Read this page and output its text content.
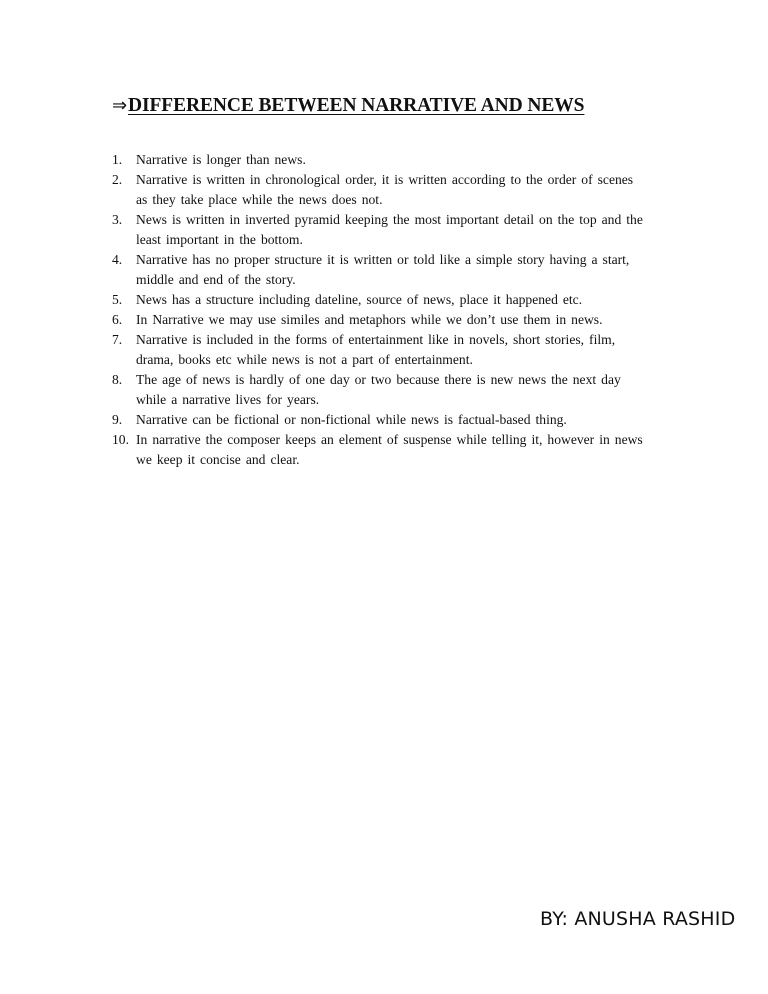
⇒DIFFERENCE BETWEEN NARRATIVE AND NEWS
1.	Narrative is longer than news.
2.	Narrative is written in chronological order, it is written according to the order of scenes
as they take place while the news does not.
3.	News is written in inverted pyramid keeping the most important detail on the top and the
least important in the bottom.
4.	Narrative has no proper structure it is written or told like a simple story having a start,
middle and end of the story.
5.	News has a structure including dateline, source of news, place it happened etc.
6.	In Narrative we may use similes and metaphors while we don’t use them in news.
7.	Narrative is included in the forms of entertainment like in novels, short stories, film,
drama, books etc while news is not a part of entertainment.
8.	The age of news is hardly of one day or two because there is new news the next day
while a narrative lives for years.
9.	Narrative can be fictional or non-fictional while news is factual-based thing.
10. In narrative the composer keeps an element of suspense while telling it, however in news
we keep it concise and clear.
BY: ANUSHA RASHID
